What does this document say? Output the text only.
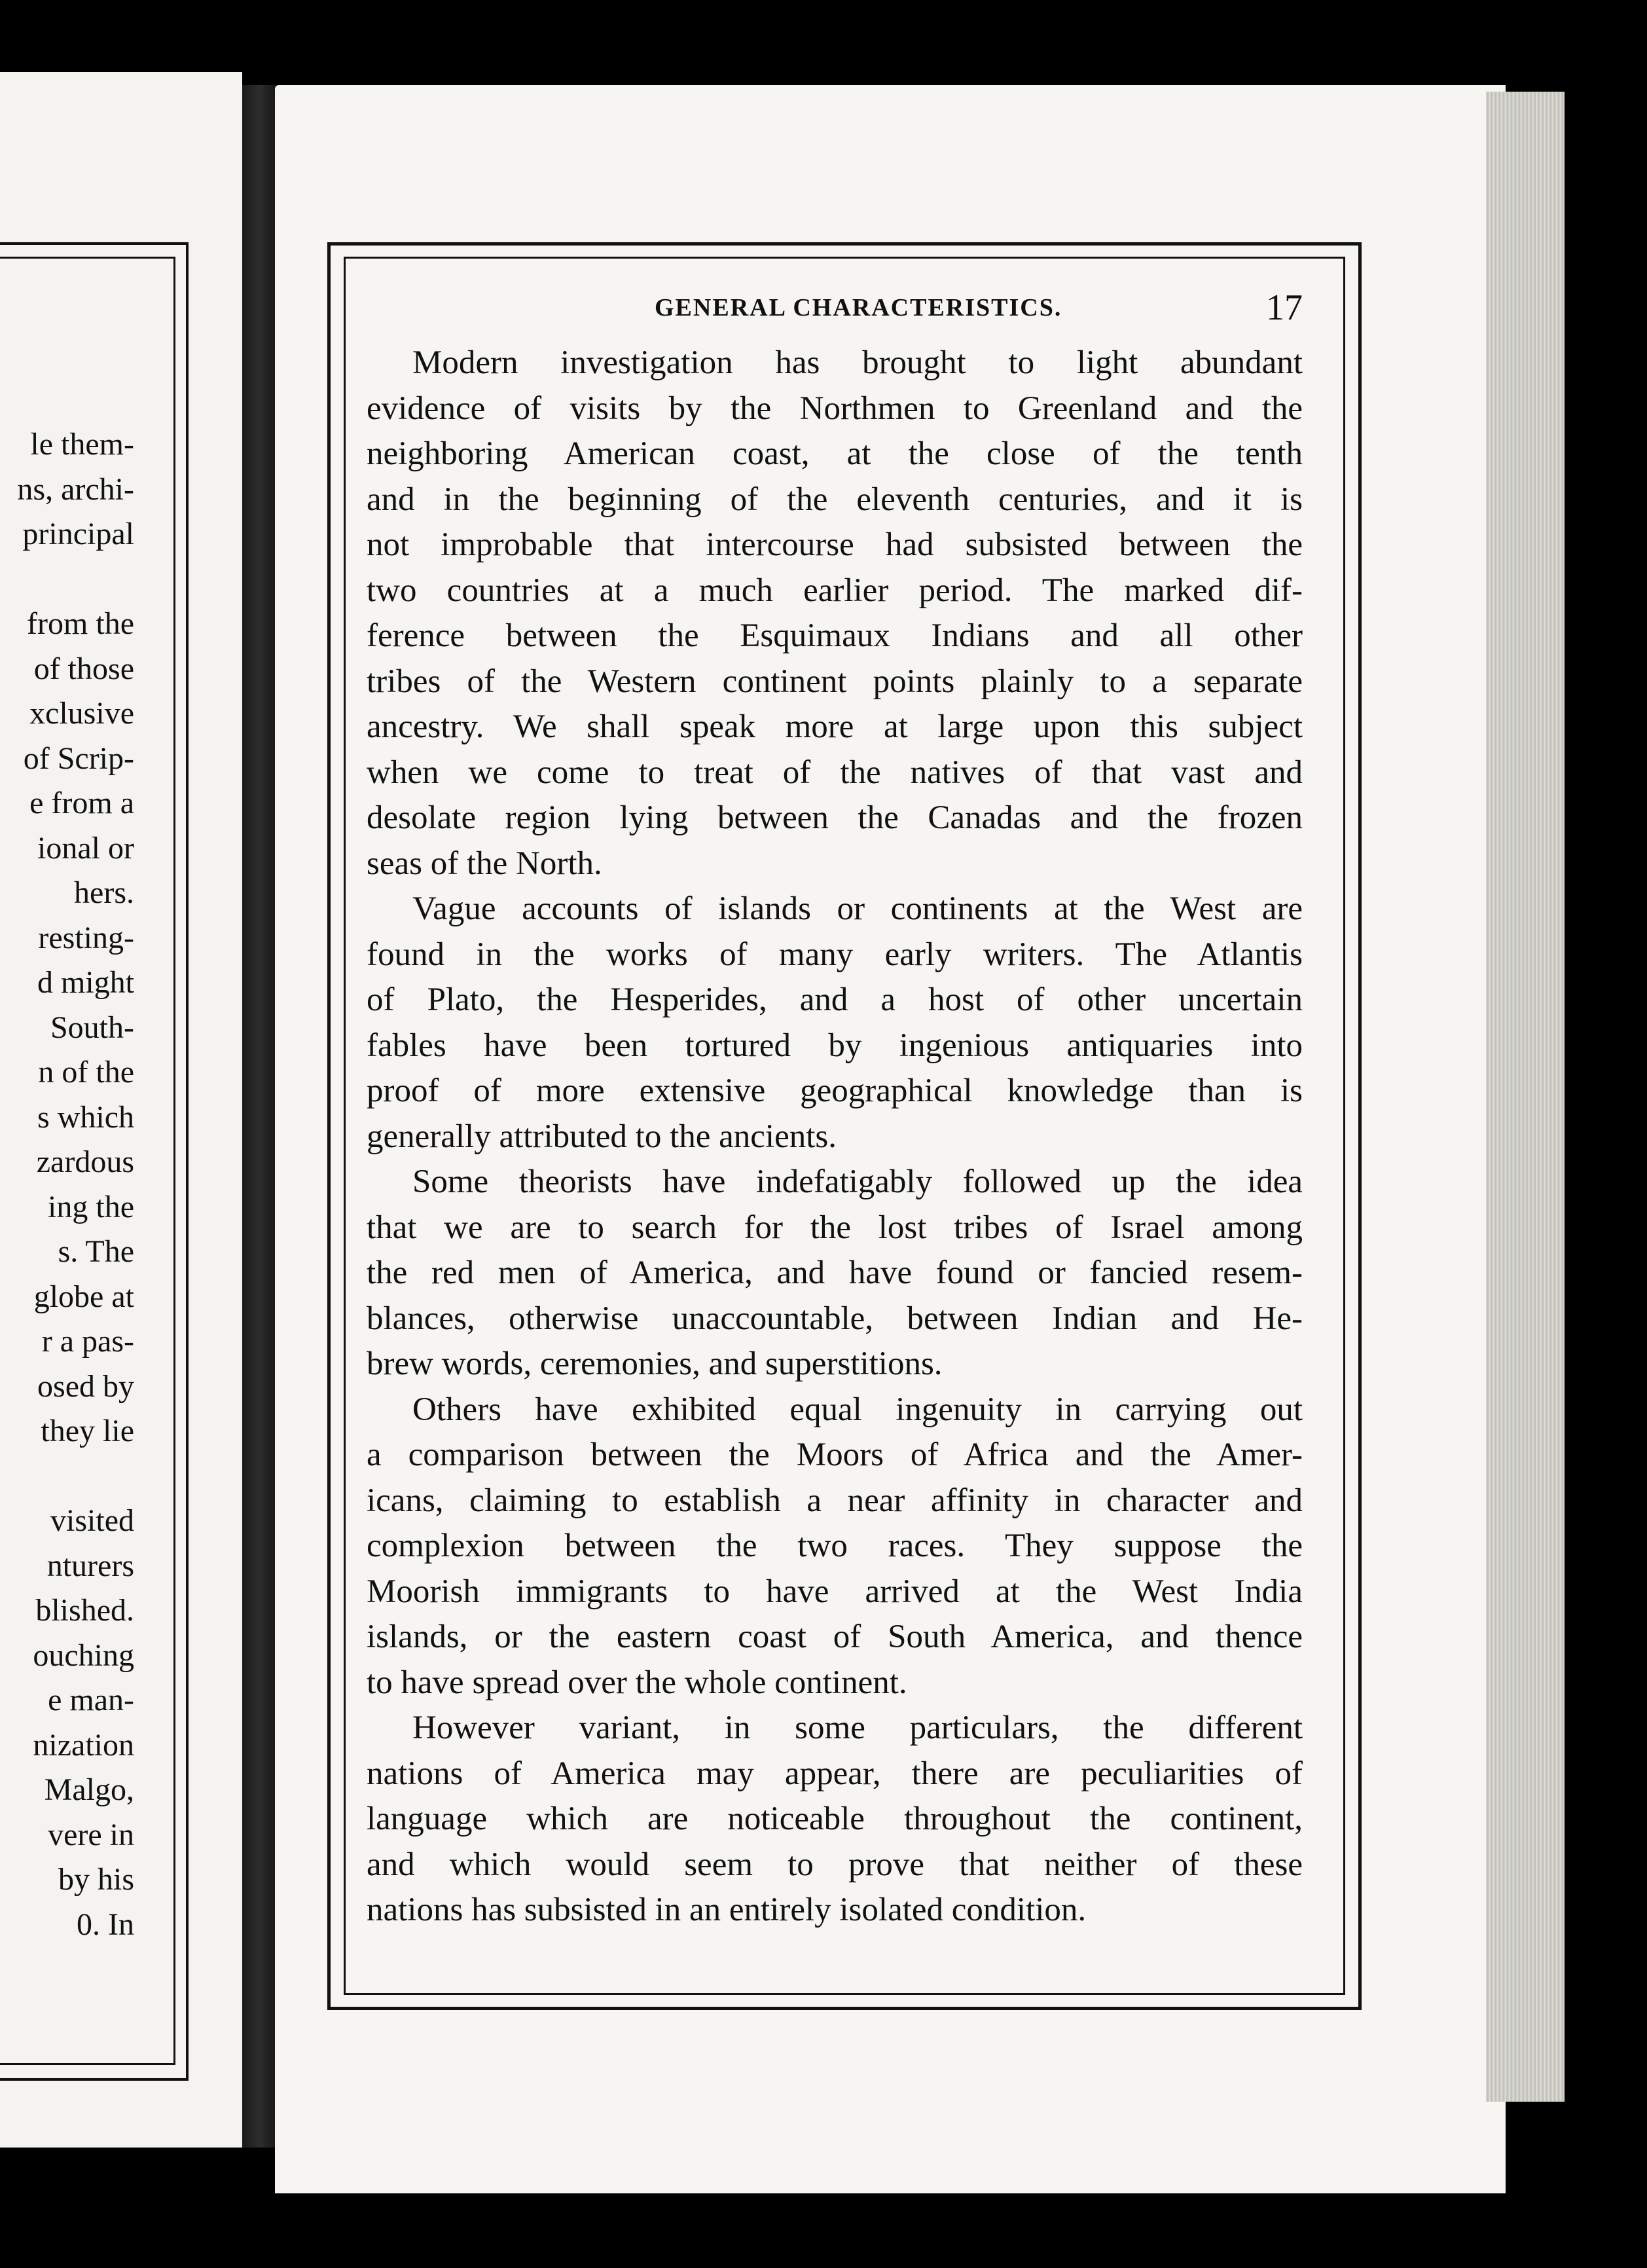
le them-
ns, archi-
principal
from the
of those
xclusive
of Scrip-
e from a
ional or
hers.
resting-
d might
South-
n of the
s which
zardous
ing the
s. The
globe at
r a pas-
osed by
they lie
visited
nturers
blished.
ouching
e man-
nization
Malgo,
vere in
by his
0. In
GENERAL CHARACTERISTICS.	17

Modern investigation has brought to light abundant
evidence of visits by the Northmen to Greenland and the
neighboring American coast, at the close of the tenth
and in the beginning of the eleventh centuries, and it is
not improbable that intercourse had subsisted between the
two countries at a much earlier period. The marked dif-
ference between the Esquimaux Indians and all other
tribes of the Western continent points plainly to a separate
ancestry. We shall speak more at large upon this subject
when we come to treat of the natives of that vast and
desolate region lying between the Canadas and the frozen
seas of the North.

Vague accounts of islands or continents at the West are
found in the works of many early writers. The Atlantis
of Plato, the Hesperides, and a host of other uncertain
fables have been tortured by ingenious antiquaries into
proof of more extensive geographical knowledge than is
generally attributed to the ancients.

Some theorists have indefatigably followed up the idea
that we are to search for the lost tribes of Israel among
the red men of America, and have found or fancied resem-
blances, otherwise unaccountable, between Indian and He-
brew words, ceremonies, and superstitions.

Others have exhibited equal ingenuity in carrying out
a comparison between the Moors of Africa and the Amer-
icans, claiming to establish a near affinity in character and
complexion between the two races. They suppose the
Moorish immigrants to have arrived at the West India
islands, or the eastern coast of South America, and thence
to have spread over the whole continent.

However variant, in some particulars, the different
nations of America may appear, there are peculiarities of
language which are noticeable throughout the continent,
and which would seem to prove that neither of these
nations has subsisted in an entirely isolated condition.
